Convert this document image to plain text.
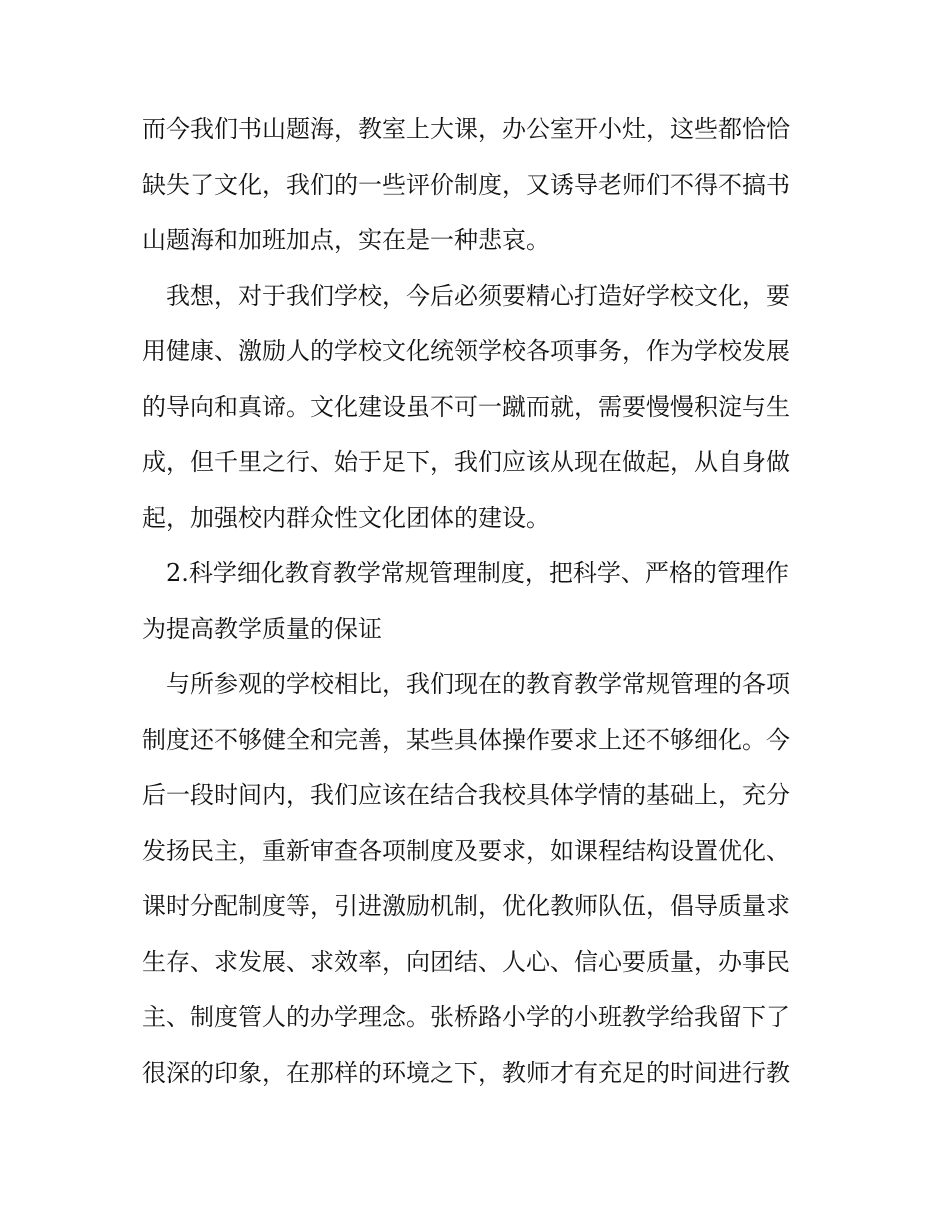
而今我们书山题海，教室上大课，办公室开小灶，这些都恰恰
缺失了文化，我们的一些评价制度，又诱导老师们不得不搞书
山题海和加班加点，实在是一种悲哀。
我想，对于我们学校，今后必须要精心打造好学校文化，要
用健康、激励人的学校文化统领学校各项事务，作为学校发展
的导向和真谛。文化建设虽不可一蹴而就，需要慢慢积淀与生
成，但千里之行、始于足下，我们应该从现在做起，从自身做
起，加强校内群众性文化团体的建设。
2.科学细化教育教学常规管理制度，把科学、严格的管理作
为提高教学质量的保证
与所参观的学校相比，我们现在的教育教学常规管理的各项
制度还不够健全和完善，某些具体操作要求上还不够细化。今
后一段时间内，我们应该在结合我校具体学情的基础上，充分
发扬民主，重新审查各项制度及要求，如课程结构设置优化、
课时分配制度等，引进激励机制，优化教师队伍，倡导质量求
生存、求发展、求效率，向团结、人心、信心要质量，办事民
主、制度管人的办学理念。张桥路小学的小班教学给我留下了
很深的印象，在那样的环境之下，教师才有充足的时间进行教
